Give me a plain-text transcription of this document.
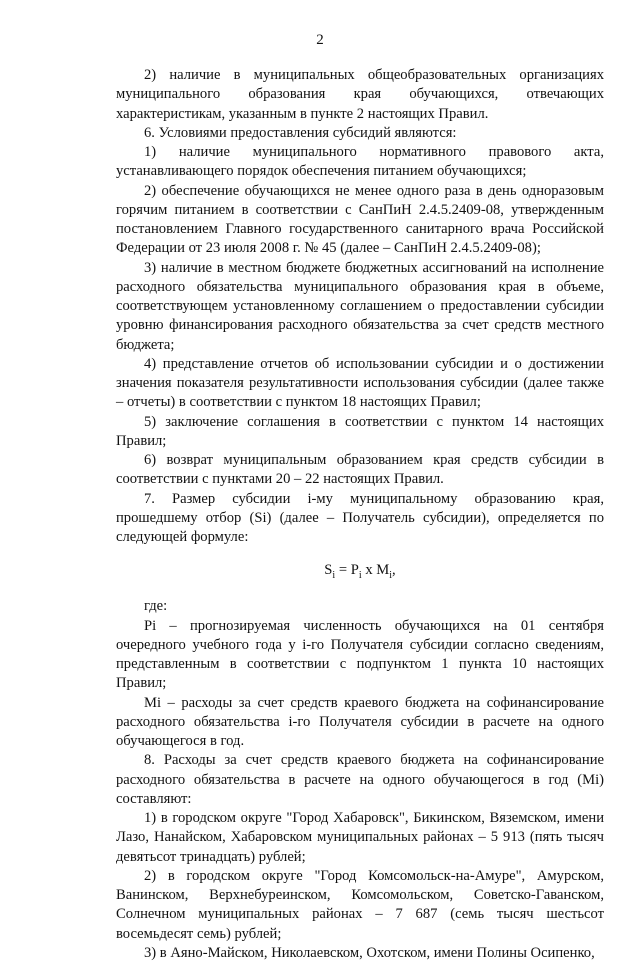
2

2) наличие в муниципальных общеобразовательных организациях муниципального образования края обучающихся, отвечающих характеристикам, указанным в пункте 2 настоящих Правил.

6. Условиями предоставления субсидий являются:

1) наличие муниципального нормативного правового акта, устанавливающего порядок обеспечения питанием обучающихся;

2) обеспечение обучающихся не менее одного раза в день одноразовым горячим питанием в соответствии с СанПиН 2.4.5.2409-08, утвержденным постановлением Главного государственного санитарного врача Российской Федерации от 23 июля 2008 г. № 45 (далее – СанПиН 2.4.5.2409-08);

3) наличие в местном бюджете бюджетных ассигнований на исполнение расходного обязательства муниципального образования края в объеме, соответствующем установленному соглашением о предоставлении субсидии уровню финансирования расходного обязательства за счет средств местного бюджета;

4) представление отчетов об использовании субсидии и о достижении значения показателя результативности использования субсидии (далее также – отчеты) в соответствии с пунктом 18 настоящих Правил;

5) заключение соглашения в соответствии с пунктом 14 настоящих Правил;

6) возврат муниципальным образованием края средств субсидии в соответствии с пунктами 20 – 22 настоящих Правил.

7. Размер субсидии i-му муниципальному образованию края, прошедшему отбор (Si) (далее – Получатель субсидии), определяется по следующей формуле:

$S_i = P_i$ x $M_i$,

где:

Pi – прогнозируемая численность обучающихся на 01 сентября очередного учебного года у i-го Получателя субсидии согласно сведениям, представленным в соответствии с подпунктом 1 пункта 10 настоящих Правил;

Mi – расходы за счет средств краевого бюджета на софинансирование расходного обязательства i-го Получателя субсидии в расчете на одного обучающегося в год.

8. Расходы за счет средств краевого бюджета на софинансирование расходного обязательства в расчете на одного обучающегося в год (Mi) составляют:

1) в городском округе "Город Хабаровск", Бикинском, Вяземском, имени Лазо, Нанайском, Хабаровском муниципальных районах – 5 913 (пять тысяч девятьсот тринадцать) рублей;

2) в городском округе "Город Комсомольск-на-Амуре", Амурском, Ванинском, Верхнебуреинском, Комсомольском, Советско-Гаванском, Солнечном муниципальных районах – 7 687 (семь тысяч шестьсот восемьдесят семь) рублей;

3) в Аяно-Майском, Николаевском, Охотском, имени Полины Осипенко,
